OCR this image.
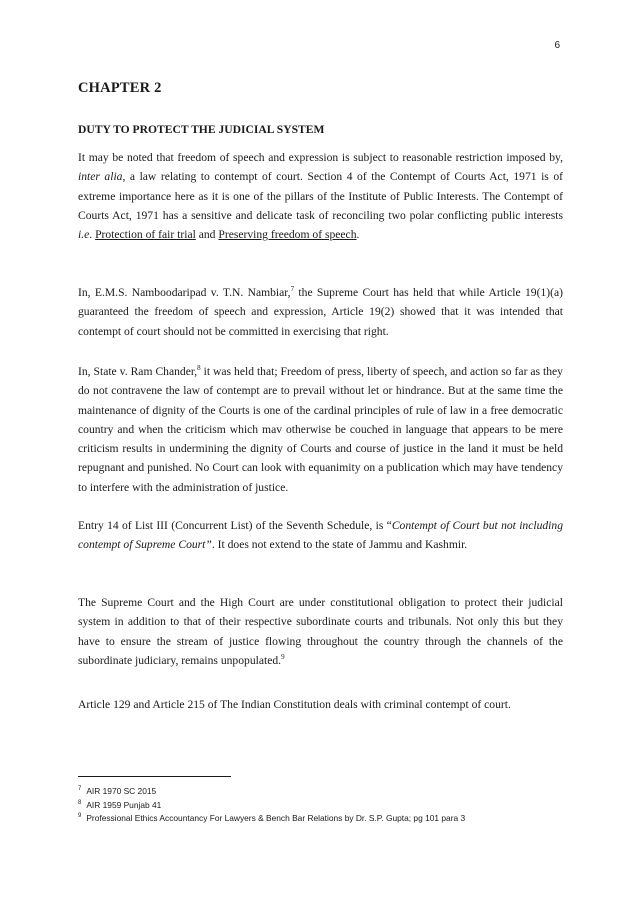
6
CHAPTER 2
DUTY TO PROTECT THE JUDICIAL SYSTEM

It may be noted that freedom of speech and expression is subject to reasonable restriction imposed by, inter alia, a law relating to contempt of court. Section 4 of the Contempt of Courts Act, 1971 is of extreme importance here as it is one of the pillars of the Institute of Public Interests. The Contempt of Courts Act, 1971 has a sensitive and delicate task of reconciling two polar conflicting public interests i.e. Protection of fair trial and Preserving freedom of speech.

In, E.M.S. Namboodaripad v. T.N. Nambiar,$^7$ the Supreme Court has held that while Article 19(1)(a) guaranteed the freedom of speech and expression, Article 19(2) showed that it was intended that contempt of court should not be committed in exercising that right.

In, State v. Ram Chander,$^8$ it was held that; Freedom of press, liberty of speech, and action so far as they do not contravene the law of contempt are to prevail without let or hindrance. But at the same time the maintenance of dignity of the Courts is one of the cardinal principles of rule of law in a free democratic country and when the criticism which mav otherwise be couched in language that appears to be mere criticism results in undermining the dignity of Courts and course of justice in the land it must be held repugnant and punished. No Court can look with equanimity on a publication which may have tendency to interfere with the administration of justice.

Entry 14 of List III (Concurrent List) of the Seventh Schedule, is “Contempt of Court but not including contempt of Supreme Court”. It does not extend to the state of Jammu and Kashmir.

The Supreme Court and the High Court are under constitutional obligation to protect their judicial system in addition to that of their respective subordinate courts and tribunals. Not only this but they have to ensure the stream of justice flowing throughout the country through the channels of the subordinate judiciary, remains unpopulated.$^9$

Article 129 and Article 215 of The Indian Constitution deals with criminal contempt of court.

$^7$ AIR 1970 SC 2015
$^8$ AIR 1959 Punjab 41
$^9$ Professional Ethics Accountancy For Lawyers & Bench Bar Relations by Dr. S.P. Gupta; pg 101 para 3
